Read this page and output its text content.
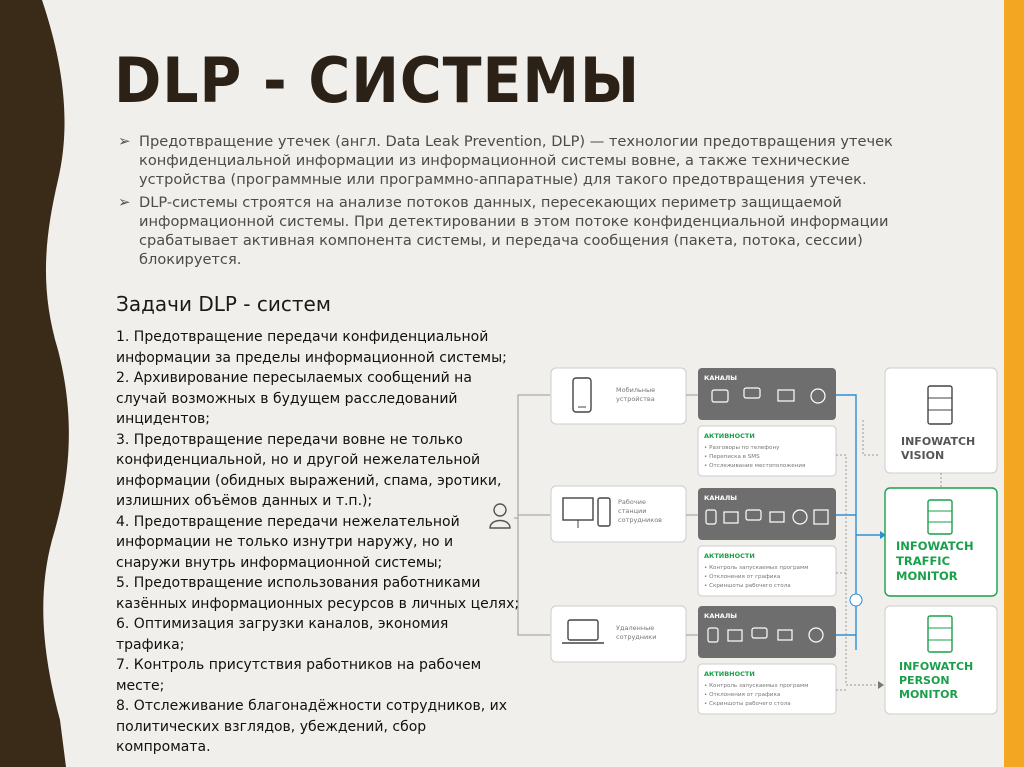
DLP - СИСТЕМЫ
➢ Предотвращение утечек (англ. Data Leak Prevention, DLP) — технологии предотвращения утечек конфиденциальной информации из информационной системы вовне, а также технические устройства (программные или программно-аппаратные) для такого предотвращения утечек.
➢ DLP-системы строятся на анализе потоков данных, пересекающих периметр защищаемой информационной системы. При детектировании в этом потоке конфиденциальной информации срабатывает активная компонента системы, и передача сообщения (пакета, потока, сессии) блокируется.
Задачи DLP - систем

1. Предотвращение передачи конфиденциальной информации за пределы информационной системы;

2. Архивирование пересылаемых сообщений на случай возможных в будущем расследований инцидентов;

3. Предотвращение передачи вовне не только конфиденциальной, но и другой нежелательной информации (обидных выражений, спама, эротики, излишних объёмов данных и т.п.);

4. Предотвращение передачи нежелательной информации не только изнутри наружу, но и снаружи внутрь информационной системы;

5. Предотвращение использования работниками казённых информационных ресурсов в личных целях;

6. Оптимизация загрузки каналов, экономия трафика;

7. Контроль присутствия работников на рабочем месте;

8. Отслеживание благонадёжности сотрудников, их политических взглядов, убеждений, сбор компромата.

Мобильные
устройства
Рабочие
станции
сотрудников
Удаленные
сотрудники
КАНАЛЫ
КАНАЛЫ
КАНАЛЫ
АКТИВНОСТИ
• Разговоры по телефону
• Переписка в SMS
• Отслеживание местоположения
АКТИВНОСТИ
• Контроль запускаемых программ
• Отклонения от графика
• Скриншоты рабочего стола
АКТИВНОСТИ
• Контроль запускаемых программ
• Отклонения от графика
• Скриншоты рабочего стола
INFOWATCH
VISION
INFOWATCH
TRAFFIC
MONITOR
INFOWATCH
PERSON
MONITOR
